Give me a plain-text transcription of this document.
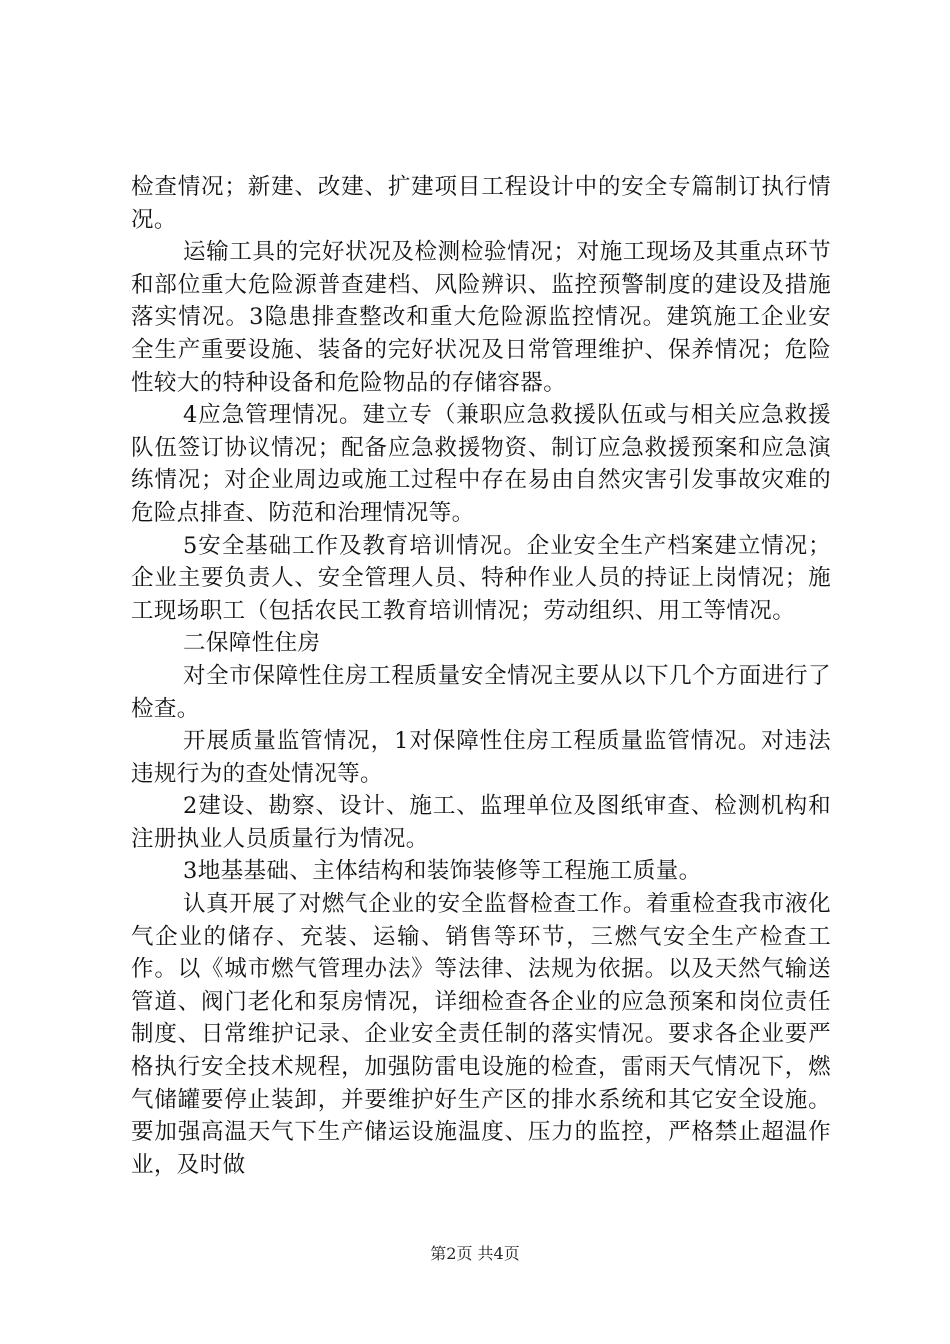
检查情况；新建、改建、扩建项目工程设计中的安全专篇制订执行情况。

运输工具的完好状况及检测检验情况；对施工现场及其重点环节和部位重大危险源普查建档、风险辨识、监控预警制度的建设及措施落实情况。3隐患排查整改和重大危险源监控情况。建筑施工企业安全生产重要设施、装备的完好状况及日常管理维护、保养情况；危险性较大的特种设备和危险物品的存储容器。

4应急管理情况。建立专（兼职应急救援队伍或与相关应急救援队伍签订协议情况；配备应急救援物资、制订应急救援预案和应急演练情况；对企业周边或施工过程中存在易由自然灾害引发事故灾难的危险点排查、防范和治理情况等。

5安全基础工作及教育培训情况。企业安全生产档案建立情况；企业主要负责人、安全管理人员、特种作业人员的持证上岗情况；施工现场职工（包括农民工教育培训情况；劳动组织、用工等情况。

二保障性住房

对全市保障性住房工程质量安全情况主要从以下几个方面进行了检查。

开展质量监管情况，1对保障性住房工程质量监管情况。对违法违规行为的查处情况等。

2建设、勘察、设计、施工、监理单位及图纸审查、检测机构和注册执业人员质量行为情况。

3地基基础、主体结构和装饰装修等工程施工质量。

认真开展了对燃气企业的安全监督检查工作。着重检查我市液化气企业的储存、充装、运输、销售等环节，三燃气安全生产检查工作。以《城市燃气管理办法》等法律、法规为依据。以及天然气输送管道、阀门老化和泵房情况，详细检查各企业的应急预案和岗位责任制度、日常维护记录、企业安全责任制的落实情况。要求各企业要严格执行安全技术规程，加强防雷电设施的检查，雷雨天气情况下，燃气储罐要停止装卸，并要维护好生产区的排水系统和其它安全设施。要加强高温天气下生产储运设施温度、压力的监控，严格禁止超温作业，及时做

第2页 共4页
